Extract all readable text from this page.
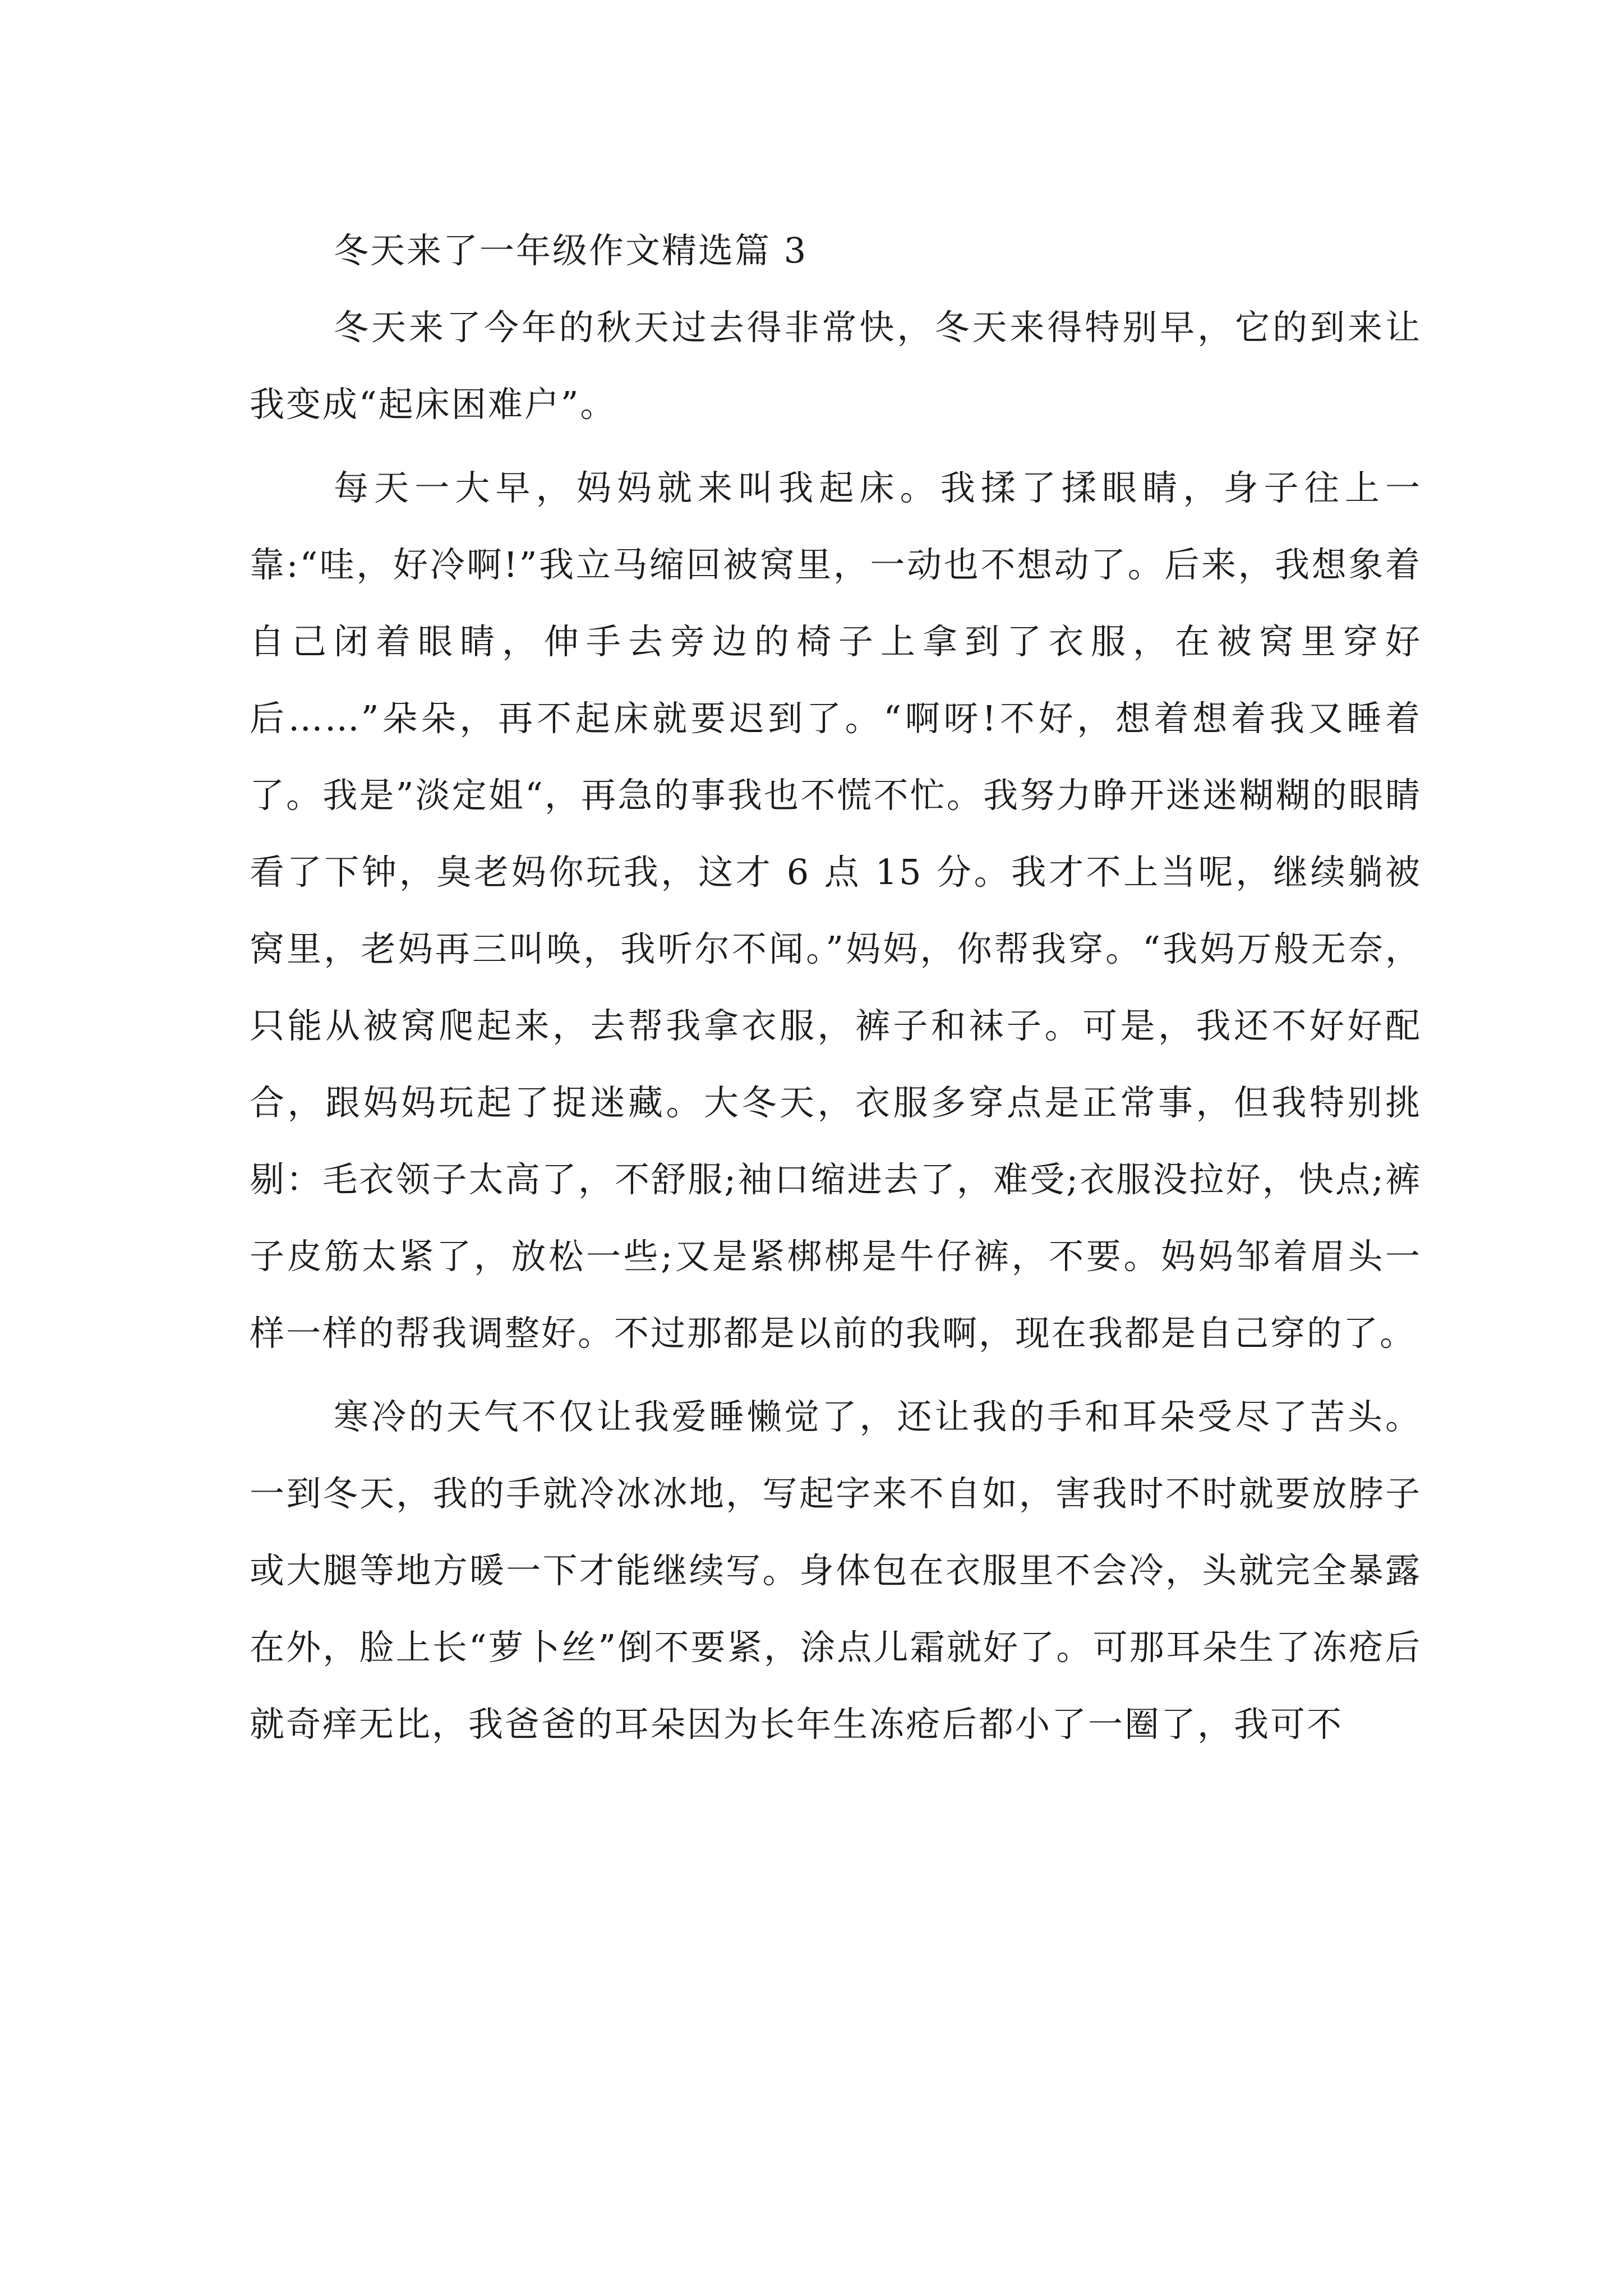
冬天来了一年级作文精选篇 3

冬天来了今年的秋天过去得非常快，冬天来得特别早，它的到来让我变成“起床困难户”。

每天一大早，妈妈就来叫我起床。我揉了揉眼睛，身子往上一靠:“哇，好冷啊!”我立马缩回被窝里，一动也不想动了。后来，我想象着自己闭着眼睛，伸手去旁边的椅子上拿到了衣服，在被窝里穿好后……”朵朵，再不起床就要迟到了。“啊呀!不好，想着想着我又睡着了。我是”淡定姐“，再急的事我也不慌不忙。我努力睁开迷迷糊糊的眼睛看了下钟，臭老妈你玩我，这才 6 点 15 分。我才不上当呢，继续躺被窝里，老妈再三叫唤，我听尔不闻。”妈妈，你帮我穿。“我妈万般无奈，只能从被窝爬起来，去帮我拿衣服，裤子和袜子。可是，我还不好好配合，跟妈妈玩起了捉迷藏。大冬天，衣服多穿点是正常事，但我特别挑剔：毛衣领子太高了，不舒服;袖口缩进去了，难受;衣服没拉好，快点;裤子皮筋太紧了，放松一些;又是紧梆梆是牛仔裤，不要。妈妈邹着眉头一样一样的帮我调整好。不过那都是以前的我啊，现在我都是自己穿的了。

寒冷的天气不仅让我爱睡懒觉了，还让我的手和耳朵受尽了苦头。一到冬天，我的手就冷冰冰地，写起字来不自如，害我时不时就要放脖子或大腿等地方暖一下才能继续写。身体包在衣服里不会冷，头就完全暴露在外，脸上长“萝卜丝”倒不要紧，涂点儿霜就好了。可那耳朵生了冻疮后就奇痒无比，我爸爸的耳朵因为长年生冻疮后都小了一圈了，我可不
